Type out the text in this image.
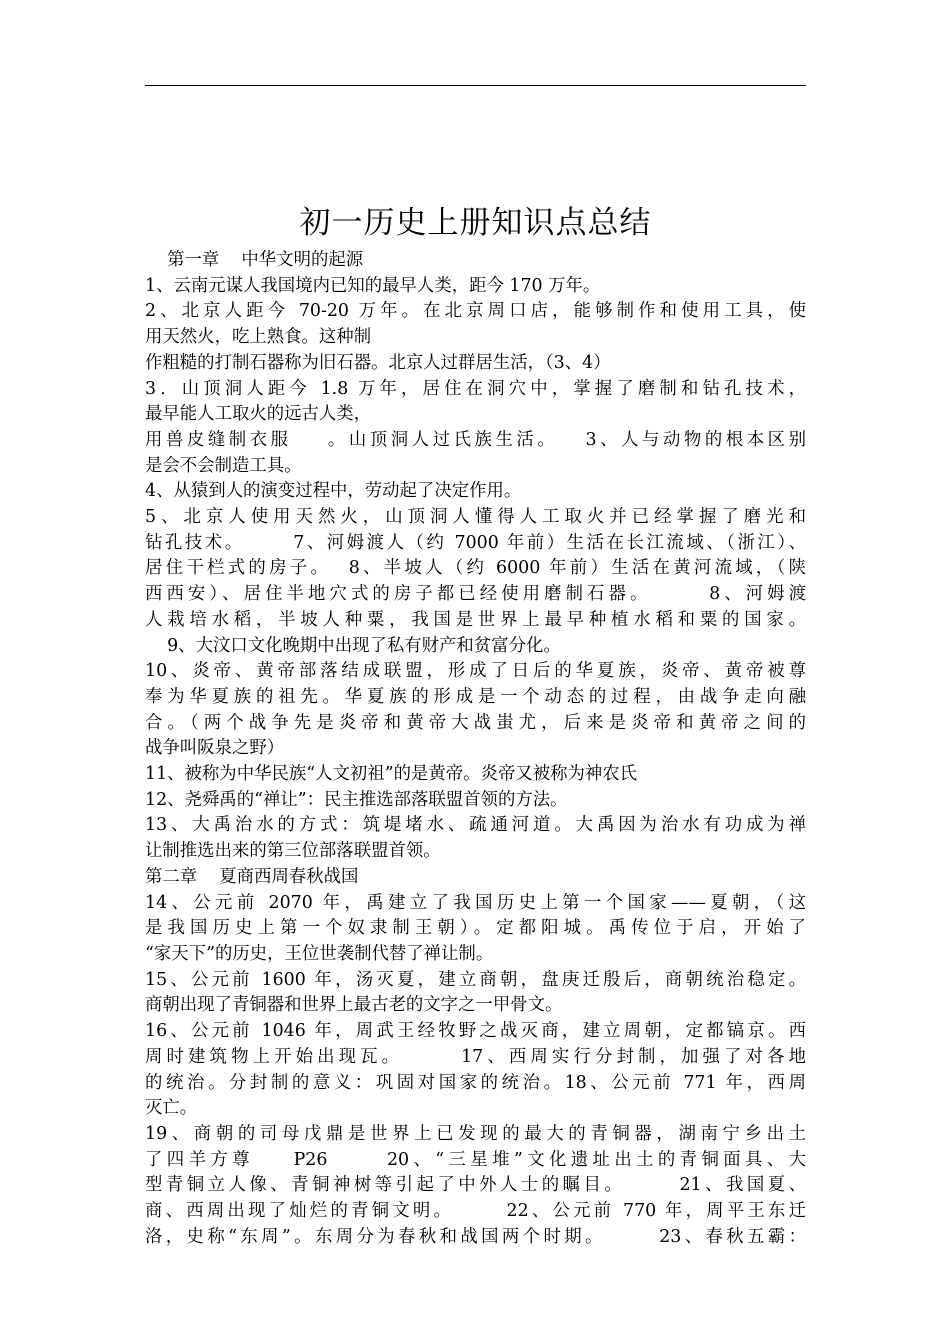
初一历史上册知识点总结

第一章    中华文明的起源

1、云南元谋人我国境内已知的最早人类，距今 170 万年。

2、北京人距今 70-20 万年。在北京周口店，能够制作和使用工具，使

用天然火，吃上熟食。这种制

作粗糙的打制石器称为旧石器。北京人过群居生活，（3、4）

3．山顶洞人距今 1.8 万年，居住在洞穴中，掌握了磨制和钻孔技术，

最早能人工取火的远古人类，

用兽皮缝制衣服    。山顶洞人过氏族生活。   3、人与动物的根本区别

是会不会制造工具。

4、从猿到人的演变过程中，劳动起了决定作用。

5、北京人使用天然火，山顶洞人懂得人工取火并已经掌握了磨光和

钻孔技术。      7、河姆渡人（约 7000 年前）生活在长江流域、（浙江）、

居住干栏式的房子。  8、半坡人（约 6000 年前）生活在黄河流域，（陕

西西安）、居住半地穴式的房子都已经使用磨制石器。      8、河姆渡

人栽培水稻，半坡人种粟，我国是世界上最早种植水稻和粟的国家。

9、大汶口文化晚期中出现了私有财产和贫富分化。

10、炎帝、黄帝部落结成联盟，形成了日后的华夏族，炎帝、黄帝被尊

奉为华夏族的祖先。华夏族的形成是一个动态的过程，由战争走向融

合。（两个战争先是炎帝和黄帝大战蚩尤，后来是炎帝和黄帝之间的

战争叫阪泉之野）

11、被称为中华民族“人文初祖”的是黄帝。炎帝又被称为神农氏

12、尧舜禹的“禅让”：民主推选部落联盟首领的方法。

13、大禹治水的方式：筑堤堵水、疏通河道。大禹因为治水有功成为禅

让制推选出来的第三位部落联盟首领。

第二章    夏商西周春秋战国

14、公元前 2070 年，禹建立了我国历史上第一个国家——夏朝，（这

是我国历史上第一个奴隶制王朝）。定都阳城。禹传位于启，开始了

“家天下”的历史，王位世袭制代替了禅让制。

15、公元前 1600 年，汤灭夏，建立商朝，盘庚迁殷后，商朝统治稳定。

商朝出现了青铜器和世界上最古老的文字之一甲骨文。

16、公元前 1046 年，周武王经牧野之战灭商，建立周朝，定都镐京。西

周时建筑物上开始出现瓦。      17、西周实行分封制，加强了对各地

的统治。分封制的意义：巩固对国家的统治。18、公元前 771 年，西周

灭亡。

19、商朝的司母戊鼎是世界上已发现的最大的青铜器，湖南宁乡出土

了四羊方尊    P26      20、“三星堆”文化遗址出土的青铜面具、大

型青铜立人像、青铜神树等引起了中外人士的瞩目。      21、我国夏、

商、西周出现了灿烂的青铜文明。      22、公元前 770 年，周平王东迁

洛，史称“东周”。东周分为春秋和战国两个时期。      23、春秋五霸：
